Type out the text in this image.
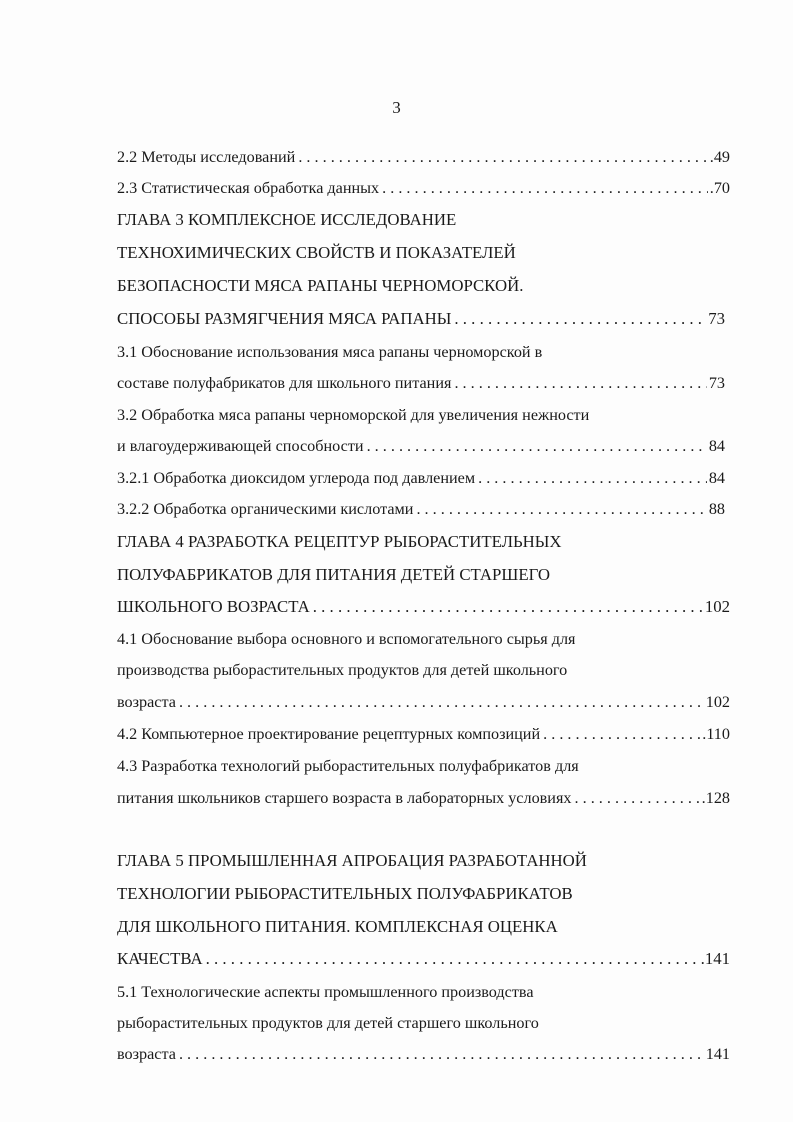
3
2.2 Методы исследований . . .	.49
2.3 Статистическая обработка данных . . .	.70
ГЛАВА 3 КОМПЛЕКСНОЕ ИССЛЕДОВАНИЕ
ТЕХНОХИМИЧЕСКИХ СВОЙСТВ И ПОКАЗАТЕЛЕЙ
БЕЗОПАСНОСТИ МЯСА РАПАНЫ ЧЕРНОМОРСКОЙ.
СПОСОБЫ РАЗМЯГЧЕНИЯ МЯСА РАПАНЫ . . .	73
3.1 Обоснование использования мяса рапаны черноморской в
составе полуфабрикатов для школьного питания . . .	73
3.2 Обработка мяса рапаны черноморской для увеличения нежности
и влагоудерживающей способности . . .	84
3.2.1 Обработка диоксидом углерода под давлением . . .	84
3.2.2 Обработка органическими кислотами . . .	88
ГЛАВА 4 РАЗРАБОТКА РЕЦЕПТУР РЫБОРАСТИТЕЛЬНЫХ
ПОЛУФАБРИКАТОВ ДЛЯ ПИТАНИЯ ДЕТЕЙ СТАРШЕГО
ШКОЛЬНОГО ВОЗРАСТА . . .	102
4.1 Обоснование выбора основного и вспомогательного сырья для
производства рыборастительных продуктов для детей школьного
возраста . . .	102
4.2 Компьютерное проектирование рецептурных композиций . . .	.110
4.3 Разработка технологий рыборастительных полуфабрикатов для
питания школьников старшего возраста в лабораторных условиях . . .	.128
ГЛАВА 5 ПРОМЫШЛЕННАЯ АПРОБАЦИЯ РАЗРАБОТАННОЙ
ТЕХНОЛОГИИ РЫБОРАСТИТЕЛЬНЫХ ПОЛУФАБРИКАТОВ
ДЛЯ ШКОЛЬНОГО ПИТАНИЯ. КОМПЛЕКСНАЯ ОЦЕНКА
КАЧЕСТВА . . .	.141
5.1 Технологические аспекты промышленного производства
рыборастительных продуктов для детей старшего школьного
возраста . . .	141
